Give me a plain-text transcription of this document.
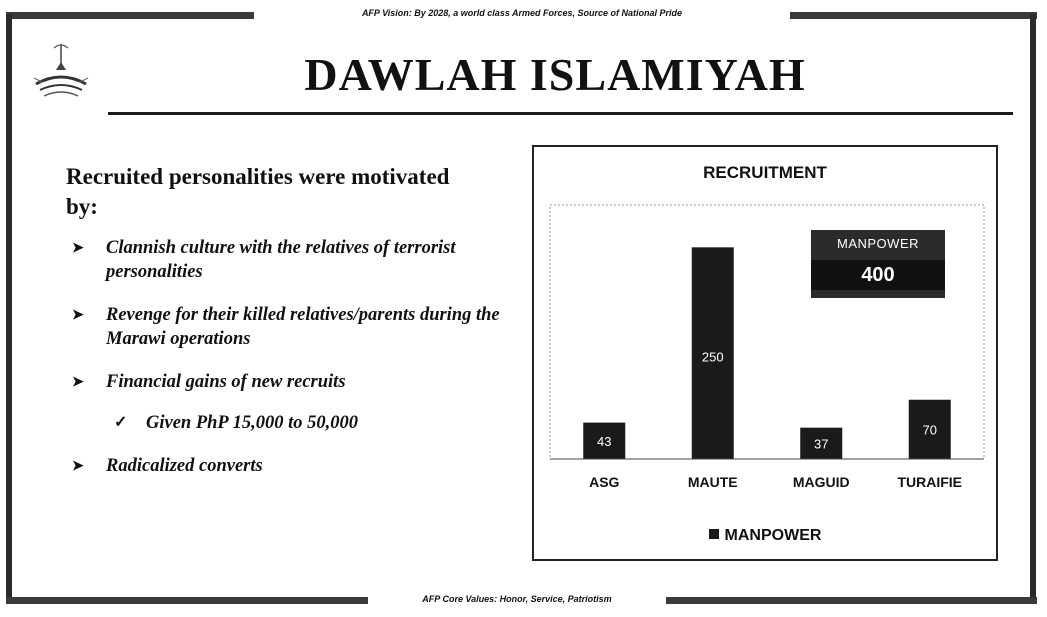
AFP Vision: By 2028, a world class Armed Forces, Source of National Pride
DAWLAH ISLAMIYAH
Recruited personalities were motivated by:
➤ Clannish culture with the relatives of terrorist personalities
➤ Revenge for their killed relatives/parents during the Marawi operations
➤ Financial gains of new recruits
✓ Given PhP 15,000 to 50,000
➤ Radicalized converts
RECRUITMENT
43
ASG
250
MAUTE
37
MAGUID
70
TURAIFIE
MANPOWER
400
MANPOWER
AFP Core Values: Honor, Service, Patriotism
